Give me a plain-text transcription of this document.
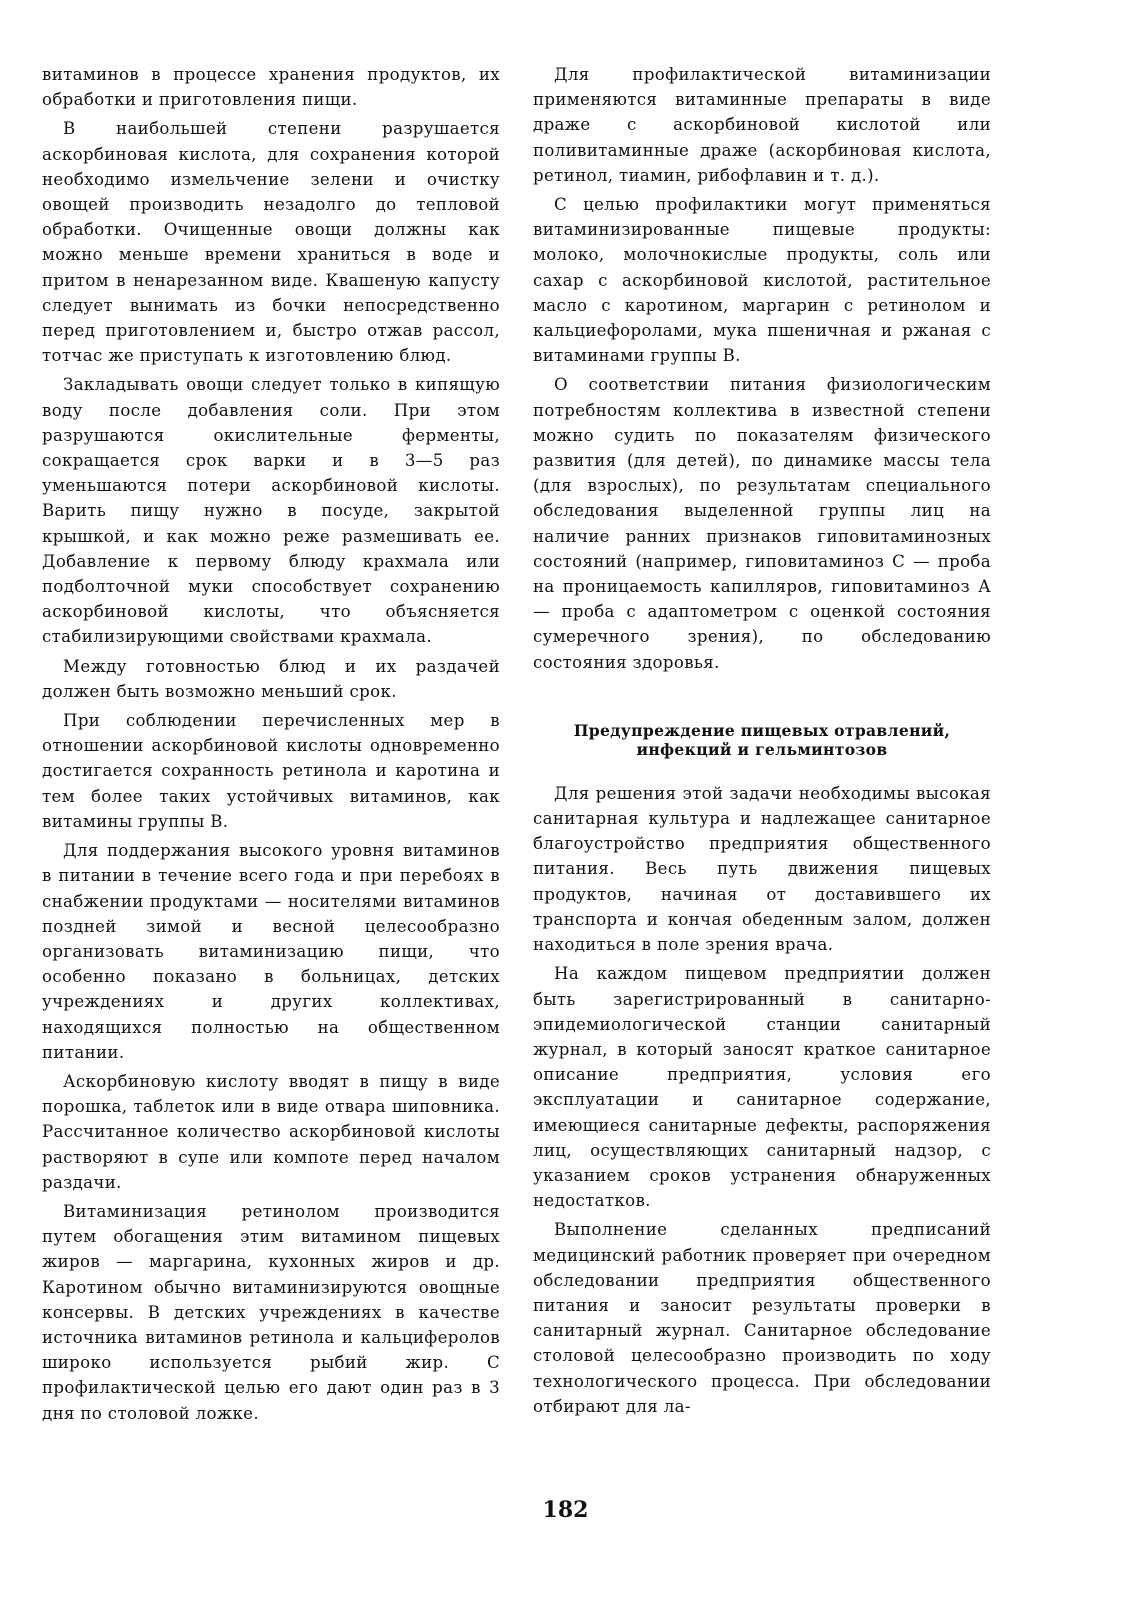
витаминов в процессе хранения продуктов, их обработки и приготовления пищи.

В наибольшей степени разрушается аскорбиновая кислота, для сохранения которой необходимо измельчение зелени и очистку овощей производить незадолго до тепловой обработки. Очищенные овощи должны как можно меньше времени храниться в воде и притом в ненарезанном виде. Квашеную капусту следует вынимать из бочки непосредственно перед приготовлением и, быстро отжав рассол, тотчас же приступать к изготовлению блюд.

Закладывать овощи следует только в кипящую воду после добавления соли. При этом разрушаются окислительные ферменты, сокращается срок варки и в 3—5 раз уменьшаются потери аскорбиновой кислоты. Варить пищу нужно в посуде, закрытой крышкой, и как можно реже размешивать ее. Добавление к первому блюду крахмала или подболточной муки способствует сохранению аскорбиновой кислоты, что объясняется стабилизирующими свойствами крахмала.

Между готовностью блюд и их раздачей должен быть возможно меньший срок.

При соблюдении перечисленных мер в отношении аскорбиновой кислоты одновременно достигается сохранность ретинола и каротина и тем более таких устойчивых витаминов, как витамины группы В.

Для поддержания высокого уровня витаминов в питании в течение всего года и при перебоях в снабжении продуктами — носителями витаминов поздней зимой и весной целесообразно организовать витаминизацию пищи, что особенно показано в больницах, детских учреждениях и других коллективах, находящихся полностью на общественном питании.

Аскорбиновую кислоту вводят в пищу в виде порошка, таблеток или в виде отвара шиповника. Рассчитанное количество аскорбиновой кислоты растворяют в супе или компоте перед началом раздачи.

Витаминизация ретинолом производится путем обогащения этим витамином пищевых жиров — маргарина, кухонных жиров и др. Каротином обычно витаминизируются овощные консервы. В детских учреждениях в качестве источника витаминов ретинола и кальциферолов широко используется рыбий жир. С профилактической целью его дают один раз в 3 дня по столовой ложке.

Для профилактической витаминизации применяются витаминные препараты в виде драже с аскорбиновой кислотой или поливитаминные драже (аскорбиновая кислота, ретинол, тиамин, рибофлавин и т. д.).

С целью профилактики могут применяться витаминизированные пищевые продукты: молоко, молочнокислые продукты, соль или сахар с аскорбиновой кислотой, растительное масло с каротином, маргарин с ретинолом и кальциефоролами, мука пшеничная и ржаная с витаминами группы В.

О соответствии питания физиологическим потребностям коллектива в известной степени можно судить по показателям физического развития (для детей), по динамике массы тела (для взрослых), по результатам специального обследования выделенной группы лиц на наличие ранних признаков гиповитаминозных состояний (например, гиповитаминоз С — проба на проницаемость капилляров, гиповитаминоз А — проба с адаптометром с оценкой состояния сумеречного зрения), по обследованию состояния здоровья.

Предупреждение пищевых отравлений,
инфекций и гельминтозов

Для решения этой задачи необходимы высокая санитарная культура и надлежащее санитарное благоустройство предприятия общественного питания. Весь путь движения пищевых продуктов, начиная от доставившего их транспорта и кончая обеденным залом, должен находиться в поле зрения врача.

На каждом пищевом предприятии должен быть зарегистрированный в санитарно-эпидемиологической станции санитарный журнал, в который заносят краткое санитарное описание предприятия, условия его эксплуатации и санитарное содержание, имеющиеся санитарные дефекты, распоряжения лиц, осуществляющих санитарный надзор, с указанием сроков устранения обнаруженных недостатков.

Выполнение сделанных предписаний медицинский работник проверяет при очередном обследовании предприятия общественного питания и заносит результаты проверки в санитарный журнал. Санитарное обследование столовой целесообразно производить по ходу технологического процесса. При обследовании отбирают для ла-

182
